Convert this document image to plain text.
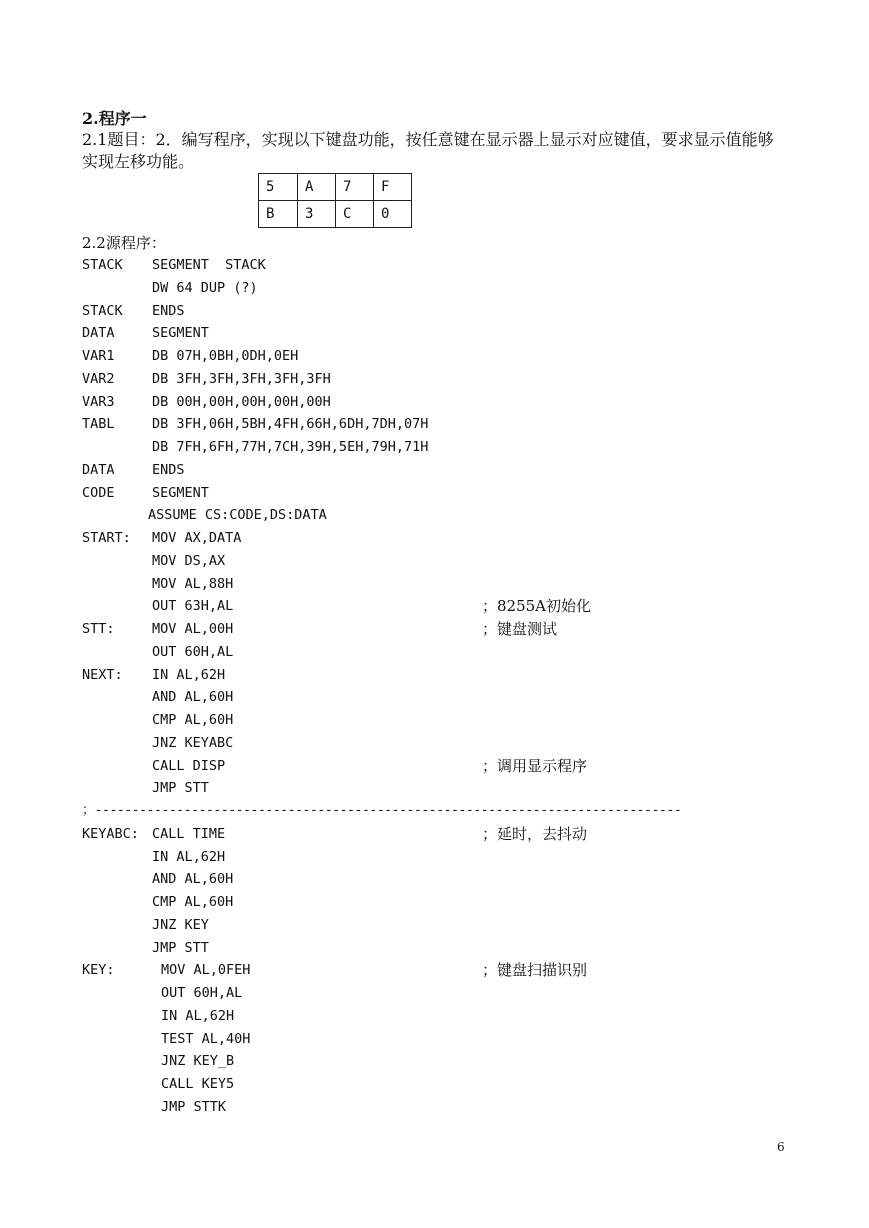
2.程序一
2.1题目：2．编写程序，实现以下键盘功能，按任意键在显示器上显示对应键值，要求显示值能够实现左移功能。
5	A	7	F
B	3	C	0
2.2源程序：
STACK SEGMENT  STACK
DW 64 DUP (?)
STACK ENDS
DATA	SEGMENT
VAR1	DB 07H,0BH,0DH,0EH
VAR2	DB 3FH,3FH,3FH,3FH,3FH
VAR3	DB 00H,00H,00H,00H,00H
TABL	DB 3FH,06H,5BH,4FH,66H,6DH,7DH,07H
DB 7FH,6FH,77H,7CH,39H,5EH,79H,71H
DATA	ENDS
CODE	SEGMENT
ASSUME CS:CODE,DS:DATA
START: MOV AX,DATA
MOV DS,AX
MOV AL,88H
OUT 63H,AL	；8255A初始化
STT:	MOV AL,00H	；键盘测试
OUT 60H,AL
NEXT: IN AL,62H
AND AL,60H
CMP AL,60H
JNZ KEYABC
CALL DISP	；调用显示程序
JMP STT
；-------------------------------------------------------------------------------
KEYABC: CALL TIME	；延时，去抖动
IN AL,62H
AND AL,60H
CMP AL,60H
JNZ KEY
JMP STT
KEY:	MOV AL,0FEH	；键盘扫描识别
OUT 60H,AL
IN AL,62H
TEST AL,40H
JNZ KEY_B
CALL KEY5
JMP STTK
6
